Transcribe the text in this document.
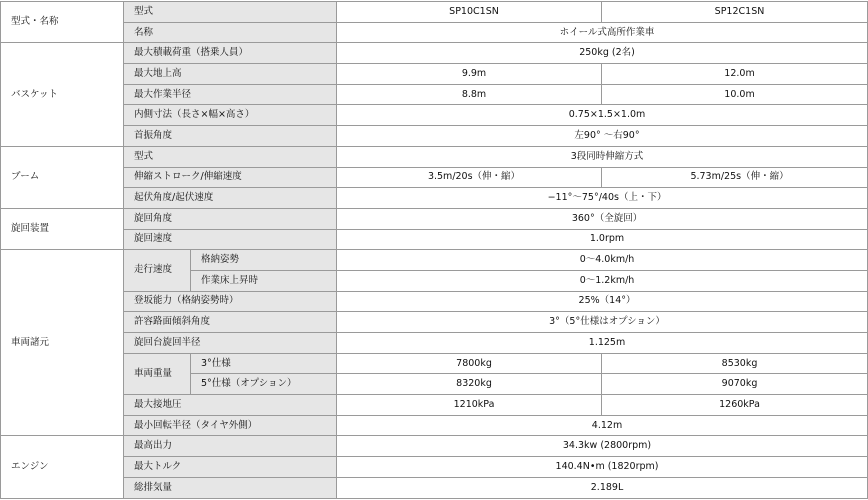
型式・名称	型式		SP10C1SN	SP12C1SN
	名称		ホイール式高所作業車	
バスケット	最大積載荷重（搭乗人員）		250kg (2名)	
	最大地上高		9.9m	12.0m
	最大作業半径		8.8m	10.0m
	内側寸法（長さ×幅×高さ）		0.75×1.5×1.0m	
	首振角度		左90° 〜右90°	
ブーム	型式		3段同時伸縮方式	
	伸縮ストローク/伸縮速度		3.5m/20s（伸・縮）	5.73m/25s（伸・縮）
	起伏角度/起伏速度		−11°〜75°/40s（上・下）	
旋回装置	旋回角度		360°（全旋回）	
	旋回速度		1.0rpm	
車両諸元	走行速度	格納姿勢	0〜4.0km/h	
		作業床上昇時	0〜1.2km/h	
	登坂能力（格納姿勢時）		25%（14°）	
	許容路面傾斜角度		3°（5°仕様はオプション）	
	旋回台旋回半径		1.125m	
	車両重量	3°仕様	7800kg	8530kg
		5°仕様（オプション）	8320kg	9070kg
	最大接地圧		1210kPa	1260kPa
	最小回転半径（タイヤ外側）		4.12m	
エンジン	最高出力		34.3kw (2800rpm)	
	最大トルク		140.4N•m (1820rpm)	
	総排気量		2.189L	
